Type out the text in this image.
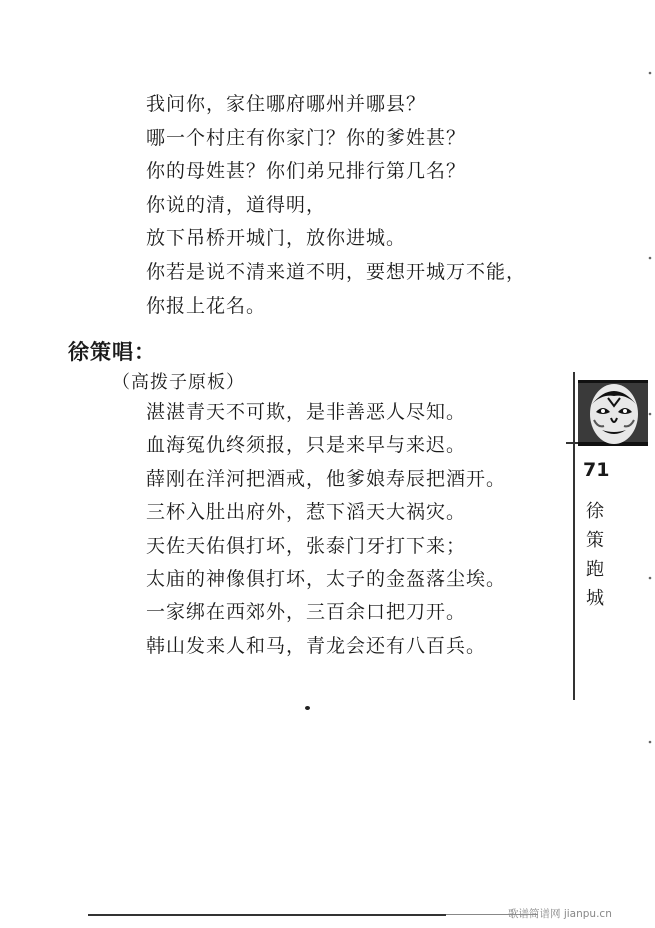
我问你，家住哪府哪州并哪县？
哪一个村庄有你家门？你的爹姓甚？
你的母姓甚？你们弟兄排行第几名？
你说的清，道得明，
放下吊桥开城门，放你进城。
你若是说不清来道不明，要想开城万不能，
你报上花名。
徐策唱：
（高拨子原板）
湛湛青天不可欺，是非善恶人尽知。
血海冤仇终须报，只是来早与来迟。
薛刚在洋河把酒戒，他爹娘寿辰把酒开。
三杯入肚出府外，惹下滔天大祸灾。
天佐天佑俱打坏，张泰门牙打下来；
太庙的神像俱打坏，太子的金盔落尘埃。
一家绑在西郊外，三百余口把刀开。
韩山发来人和马，青龙会还有八百兵。
71
徐策跑城
歌谱简谱网 jianpu.cn
